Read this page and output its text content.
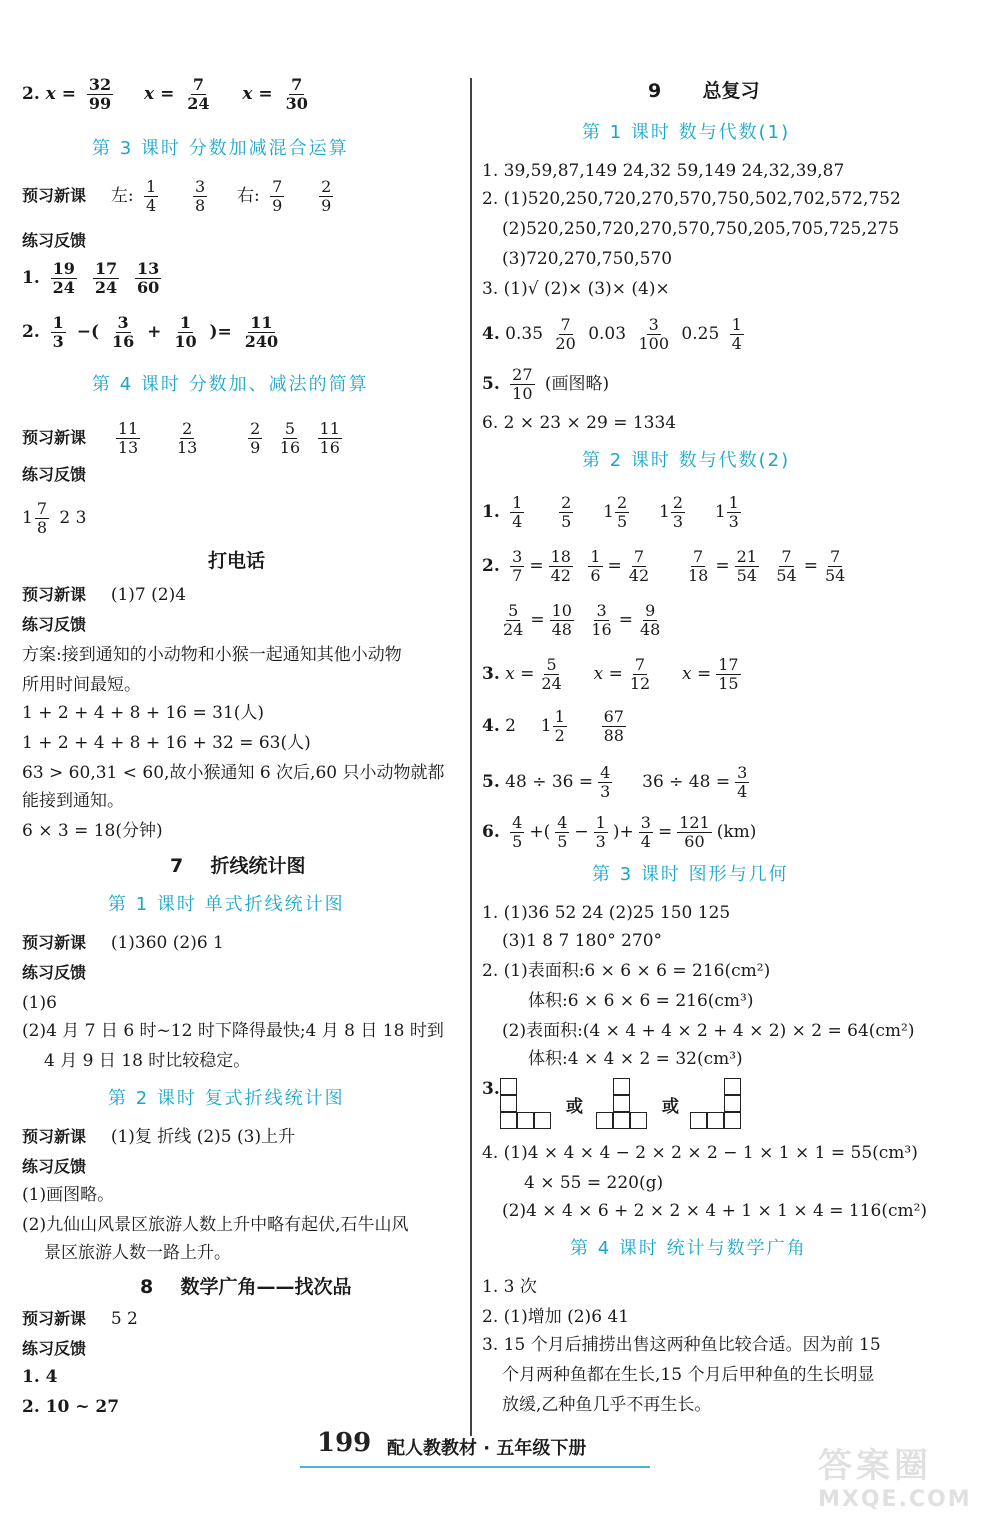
2. $x = \frac{32}{99}$ $x = \frac{7}{24}$ $x = \frac{7}{30}$
第 3 课时 分数加减混合运算
预习新课 左: $\frac{1}{4}$
$\frac{3}{8}$ 右: $\frac{7}{9}$
$\frac{2}{9}$
练习反馈
1. $\frac{19}{24}$
$\frac{17}{24}$
$\frac{13}{60}$
2. $\frac{1}{3}$ −( $\frac{3}{16} + \frac{1}{10}$ )= $\frac{11}{240}$
第 4 课时 分数加、减法的简算
预习新课 $\frac{11}{13}$
$\frac{2}{13}$
	$\frac{2}{9}$
$\frac{5}{16}$
$\frac{11}{16}$
练习反馈
$1 \frac{7}{8} 2$ 3
打电话
预习新课 (1)7 (2)4
练习反馈
方案:接到通知的小动物和小猴一起通知其他小动物
所用时间最短。
1 + 2 + 4 + 8 + 16 = 31(人)
1 + 2 + 4 + 8 + 16 + 32 = 63(人)
63 > 60,31 < 60,故小猴通知 6 次后,60 只小动物就都
能接到通知。
6 × 3 = 18(分钟)
7 折线统计图
第 1 课时 单式折线统计图
预习新课 (1)360 (2)6 1
练习反馈
(1)6
(2)4 月 7 日 6 时~12 时下降得最快;4 月 8 日 18 时到
4 月 9 日 18 时比较稳定。
第 2 课时 复式折线统计图
预习新课 (1)复 折线 (2)5 (3)上升
练习反馈
(1)画图略。
(2)九仙山风景区旅游人数上升中略有起伏,石牛山风
景区旅游人数一路上升。
8 数学广角——找次品
预习新课 5 2
练习反馈
1. 4
2. 10 ~ 27
9 总复习
第 1 课时 数与代数(1)
1. 39,59,87,149 24,32 59,149 24,32,39,87
2. (1)520,250,720,270,570,750,502,702,572,752
(2)520,250,720,270,570,750,205,705,725,275
(3)720,270,750,570
3. (1)√ (2)× (3)× (4)×
4. $0.35 \frac{7}{20} 0.03 \frac{3}{100} 0.25 \frac{1}{4}$
5. $\frac{27}{10}$ (画图略)
6. 2 × 23 × 29 = 1334
第 2 课时 数与代数(2)
1. $\frac{1}{4}$
$\frac{2}{5} 1 \frac{2}{5} 1 \frac{2}{3} 1 \frac{1}{3}$
2. $\frac{3}{7} = \frac{18}{42}$
$\frac{1}{6} = \frac{7}{42}$
$\frac{7}{18} = \frac{21}{54}$
$\frac{7}{54} = \frac{7}{54}$
$\frac{5}{24} = \frac{10}{48}$
$\frac{3}{16} = \frac{9}{48}$
3. $x = \frac{5}{24}$ $x = \frac{7}{12}$ $x = \frac{17}{15}$
4. 2 $1 \frac{1}{2}$
$\frac{67}{88}$
5. $48 \div 36 = \frac{4}{3} 36 \div 48 = \frac{3}{4}$
6. $\frac{4}{5}$ +( $\frac{4}{5} - \frac{1}{3}$ )+ $\frac{3}{4} = \frac{121}{60} (km)$
第 3 课时 图形与几何
1. (1)36 52 24 (2)25 150 125
(3)1 8 7 180° 270°
2. (1)表面积:6 × 6 × 6 = 216(cm²)
体积:6 × 6 × 6 = 216(cm³)
(2)表面积:(4 × 4 + 4 × 2 + 4 × 2) × 2 = 64(cm²)
体积:4 × 4 × 2 = 32(cm³)
3.
或	或
4. (1)4 × 4 × 4 − 2 × 2 × 2 − 1 × 1 × 1 = 55(cm³)
4 × 55 = 220(g)
(2)4 × 4 × 6 + 2 × 2 × 4 + 1 × 1 × 4 = 116(cm²)
第 4 课时 统计与数学广角
1. 3 次
2. (1)增加 (2)6 41
3. 15 个月后捕捞出售这两种鱼比较合适。因为前 15
个月两种鱼都在生长,15 个月后甲种鱼的生长明显
放缓,乙种鱼几乎不再生长。
199 配人教教材 · 五年级下册	答案圈
MXQE.COM
